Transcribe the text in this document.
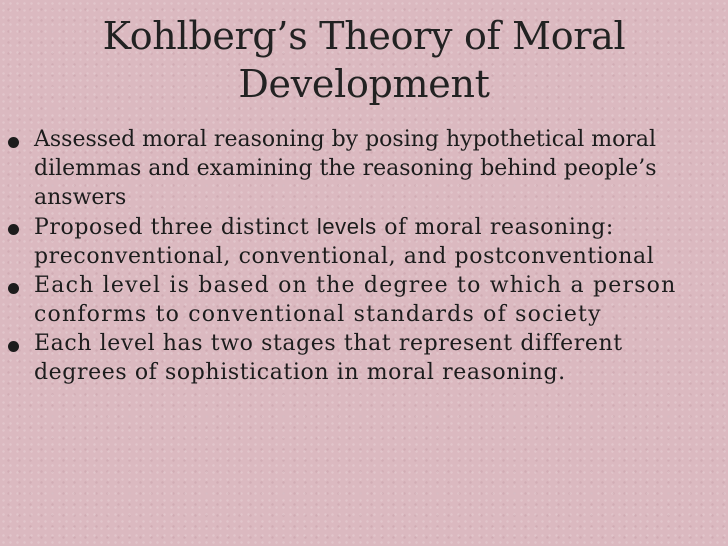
Kohlberg’s Theory of Moral
Development
Assessed moral reasoning by posing hypothetical moral dilemmas and examining the reasoning behind people’s answers
Proposed three distinct levels of moral reasoning: preconventional, conventional, and postconventional
Each level is based on the degree to which a person conforms to conventional standards of society
Each level has two stages that represent different degrees of sophistication in moral reasoning.
